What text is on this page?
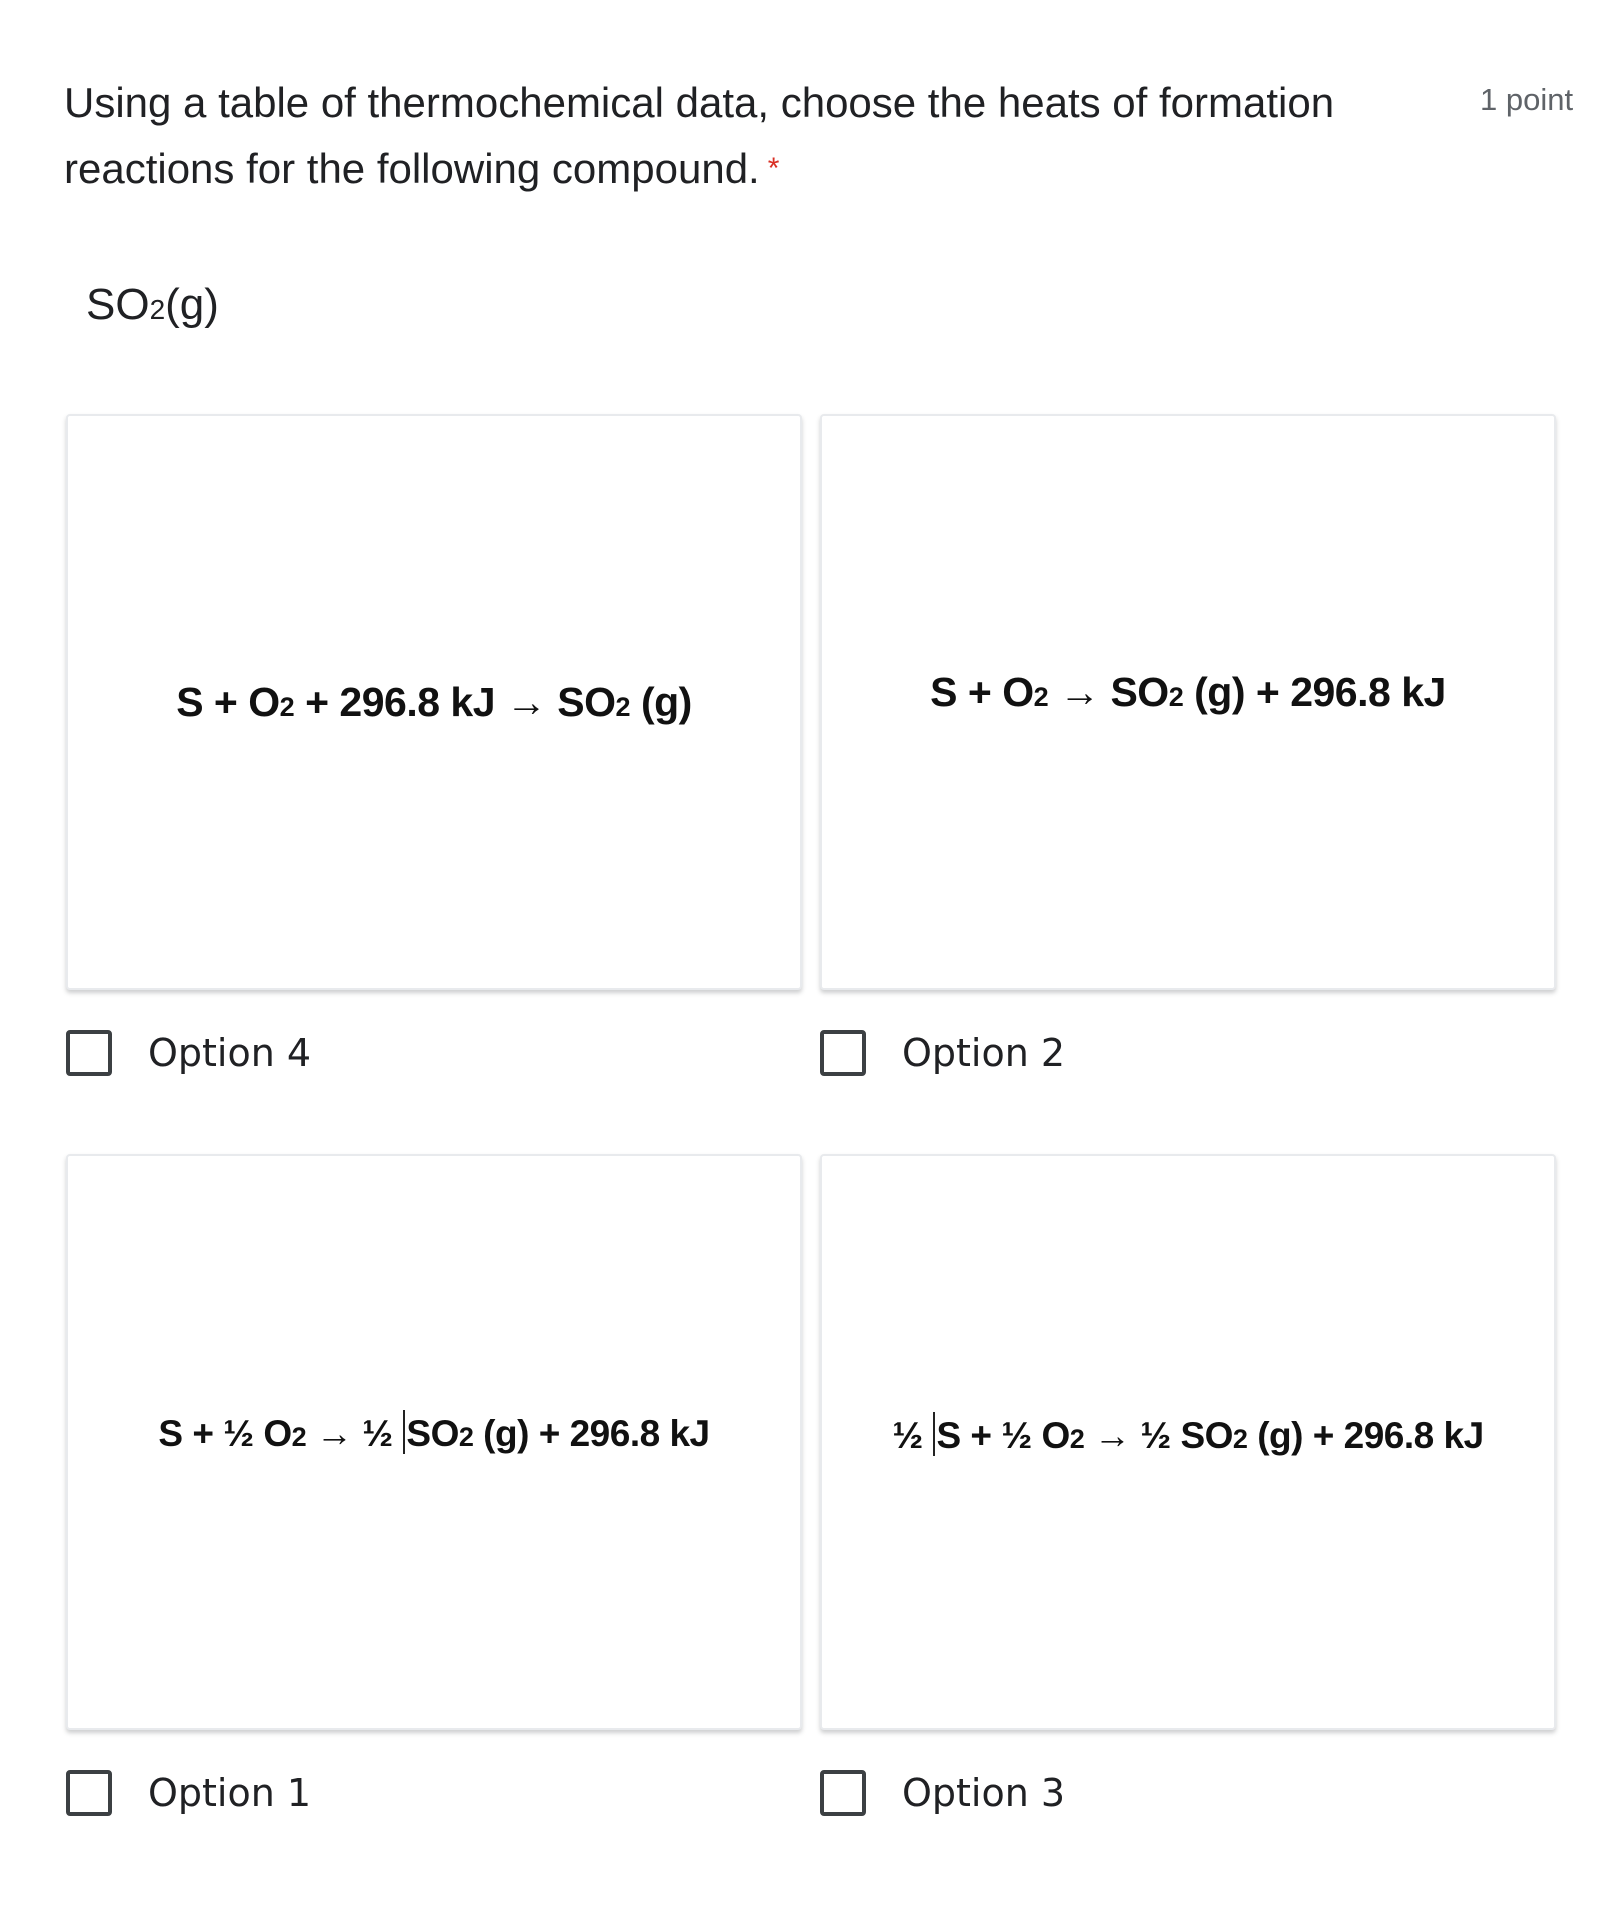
Using a table of thermochemical data, choose the heats of formation reactions for the following compound. *
1 point
SO2(g)
S + O2 + 296.8 kJ → SO2 (g)
Option 4
S + O2 → SO2 (g) + 296.8 kJ
Option 2
S + ½ O2 → ½ SO2 (g) + 296.8 kJ
Option 1
½ S + ½ O2 → ½ SO2 (g) + 296.8 kJ
Option 3
